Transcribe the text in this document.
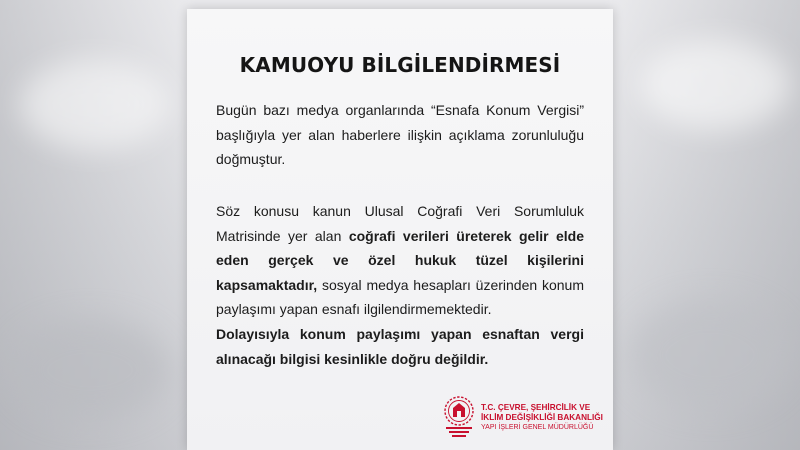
KAMUOYU BİLGİLENDİRMESİ

Bugün bazı medya organlarında “Esnafa Konum Vergisi” başlığıyla yer alan haberlere ilişkin açıklama zorunluluğu doğmuştur.

Söz konusu kanun Ulusal Coğrafi Veri Sorumluluk Matrisinde yer alan coğrafi verileri üreterek gelir elde eden gerçek ve özel hukuk tüzel kişilerini kapsamaktadır, sosyal medya hesapları üzerinden konum paylaşımı yapan esnafı ilgilendirmemektedir.

Dolayısıyla konum paylaşımı yapan esnaftan vergi alınacağı bilgisi kesinlikle doğru değildir.

T.C. ÇEVRE, ŞEHİRCİLİK VE
İKLİM DEĞİŞİKLİĞİ BAKANLIĞI
YAPI İŞLERİ GENEL MÜDÜRLÜĞÜ
